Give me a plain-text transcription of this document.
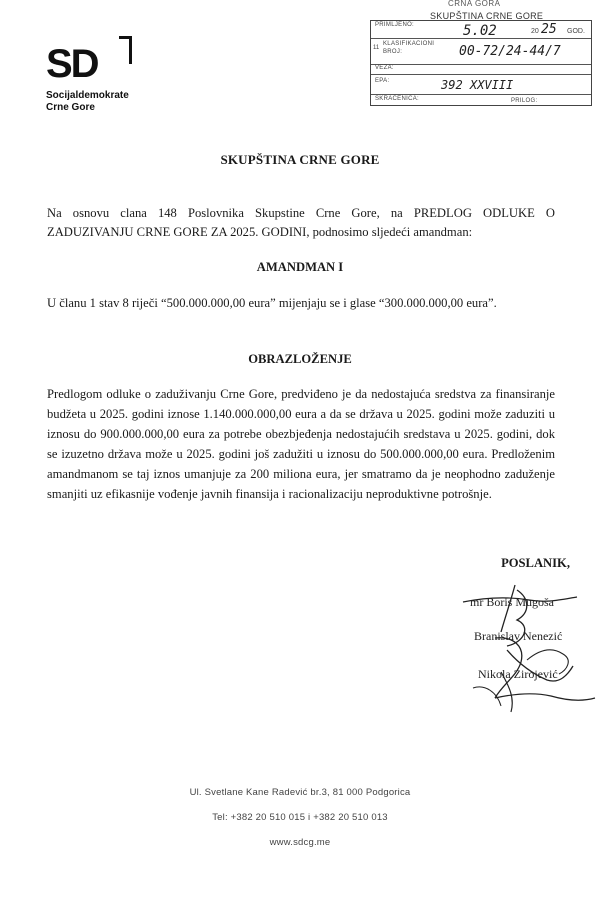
SD
Socijaldemokrate
Crne Gore
CRNA GORA
SKUPŠTINA CRNE GORE
PRIMLJENO:	5.02	20 25 GOD.
11
KLASIFIKACIONI
BROJ:	00-72/24-44/7
VEZA:
EPA:	392 XXVIII
SKRAĆENICA:	PRILOG:
SKUPŠTINA CRNE GORE

Na osnovu clana 148 Poslovnika Skupstine Crne Gore, na PREDLOG ODLUKE O ZADUZIVANJU CRNE GORE ZA 2025. GODINI, podnosimo sljedeći amandman:

AMANDMAN I

U članu 1 stav 8 riječi “500.000.000,00 eura” mijenjaju se i glase “300.000.000,00 eura”.

OBRAZLOŽENJE

Predlogom odluke o zaduživanju Crne Gore, predviđeno je da nedostajuća sredstva za finansiranje budžeta u 2025. godini iznose 1.140.000.000,00 eura a da se država u 2025. godini može zaduziti u iznosu do 900.000.000,00 eura za potrebe obezbjeđenja nedostajućih sredstava u 2025. godini, dok se izuzetno država može u 2025. godini još zadužiti u iznosu do 500.000.000,00 eura. Predloženim amandmanom se taj iznos umanjuje za 200 miliona eura, jer smatramo da je neophodno zaduženje smanjiti uz efikasnije vođenje javnih finansija i racionalizaciju neproduktivne potrošnje.

POSLANIK,
mr Boris Mugoša
Branislav Nenezić
Nikola Zirojević
Ul. Svetlane Kane Radević br.3, 81 000 Podgorica
Tel: +382 20 510 015 i +382 20 510 013
www.sdcg.me
